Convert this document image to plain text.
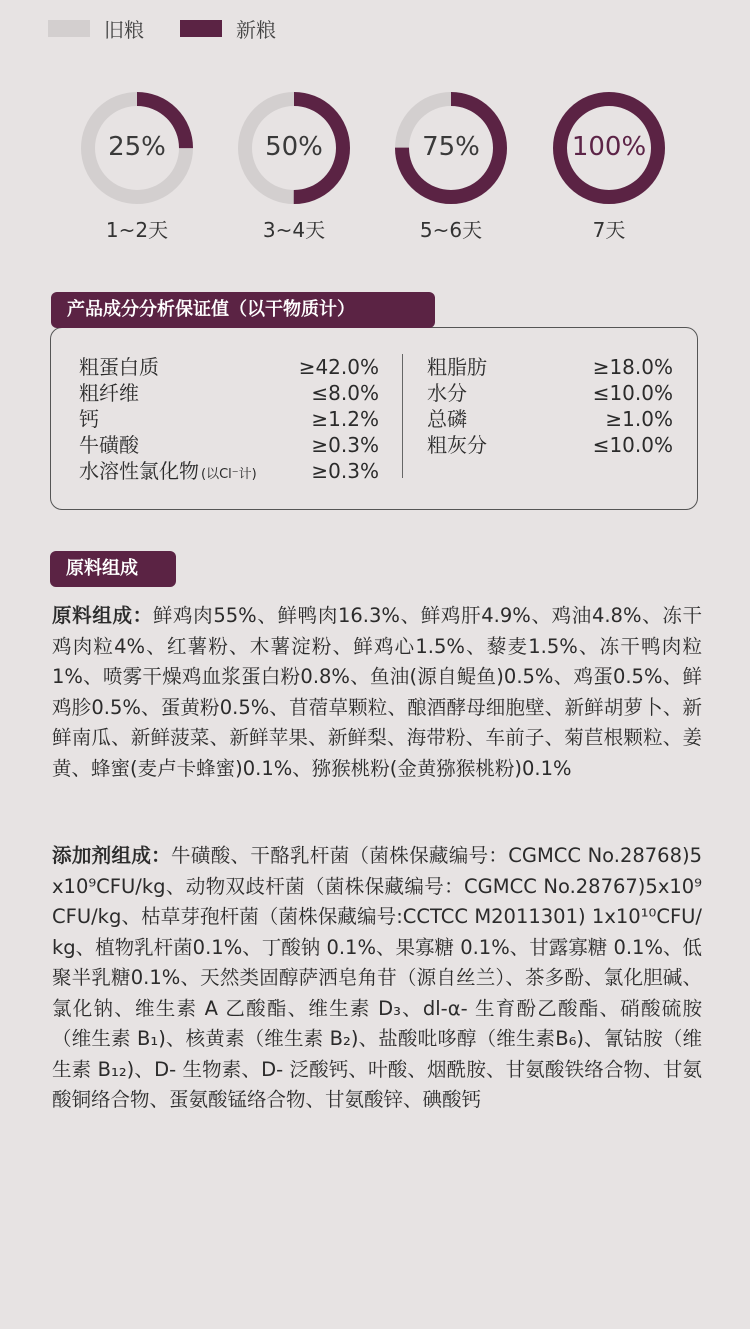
旧粮	新粮
25%
1~2天
50%
3~4天
75%
5~6天
100%
7天
产品成分分析保证值（以干物质计）
粗蛋白质	≥42.0%
粗纤维	≤8.0%
钙	≥1.2%
牛磺酸	≥0.3%
水溶性氯化物 (以Cl⁻计)	≥0.3%
粗脂肪	≥18.0%
水分	≤10.0%
总磷	≥1.0%
粗灰分	≤10.0%
原料组成
原料组成：鲜鸡肉55%、鲜鸭肉16.3%、鲜鸡肝4.9%、鸡油4.8%、冻干鸡肉粒4%、红薯粉、木薯淀粉、鲜鸡心1.5%、藜麦1.5%、冻干鸭肉粒1%、喷雾干燥鸡血浆蛋白粉0.8%、鱼油(源自鳀鱼)0.5%、鸡蛋0.5%、鲜鸡胗0.5%、蛋黄粉0.5%、苜蓿草颗粒、酿酒酵母细胞壁、新鲜胡萝卜、新鲜南瓜、新鲜菠菜、新鲜苹果、新鲜梨、海带粉、车前子、菊苣根颗粒、姜黄、蜂蜜(麦卢卡蜂蜜)0.1%、猕猴桃粉(金黄猕猴桃粉)0.1%
添加剂组成：牛磺酸、干酪乳杆菌（菌株保藏编号：CGMCC No.28768)5x10⁹CFU/kg、动物双歧杆菌（菌株保藏编号：CGMCC No.28767)5x10⁹CFU/kg、枯草芽孢杆菌（菌株保藏编号:CCTCC M2011301) 1x10¹⁰CFU/kg、植物乳杆菌0.1%、丁酸钠 0.1%、果寡糖 0.1%、甘露寡糖 0.1%、低聚半乳糖0.1%、天然类固醇萨洒皂角苷（源自丝兰）、茶多酚、氯化胆碱、氯化钠、维生素 A 乙酸酯、维生素 D₃、dl-α- 生育酚乙酸酯、硝酸硫胺（维生素 B₁)、核黄素（维生素 B₂)、盐酸吡哆醇（维生素B₆)、氰钴胺（维生素 B₁₂)、D- 生物素、D- 泛酸钙、叶酸、烟酰胺、甘氨酸铁络合物、甘氨酸铜络合物、蛋氨酸锰络合物、甘氨酸锌、碘酸钙
